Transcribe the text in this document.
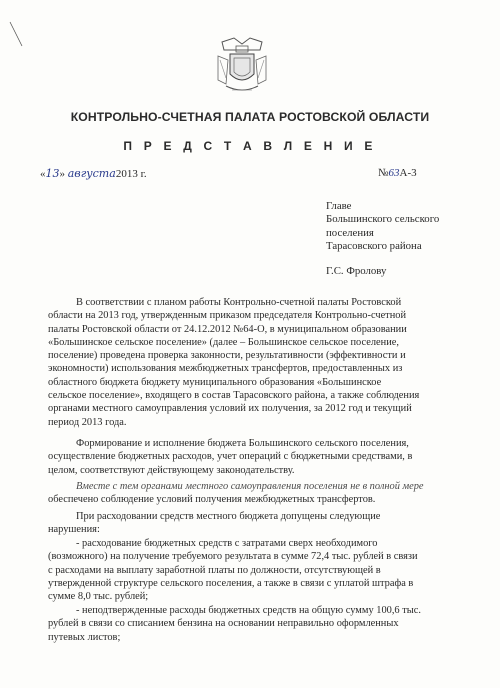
КОНТРОЛЬНО-СЧЕТНАЯ ПАЛАТА РОСТОВСКОЙ ОБЛАСТИ
П Р Е Д С Т А В Л Е Н И Е
«13» августа2013 г.	№63А-3
Главе
Большинского сельского
поселения
Тарасовского района
Г.С. Фролову

В соответствии с планом работы Контрольно-счетной палаты Ростовской

области на 2013 год, утвержденным приказом председателя Контрольно-счетной

палаты Ростовской области от 24.12.2012 №64-О, в муниципальном образовании

«Большинское сельское поселение» (далее – Большинское сельское поселение,

поселение) проведена проверка законности, результативности (эффективности и

экономности) использования межбюджетных трансфертов, предоставленных из

областного бюджета бюджету муниципального образования «Большинское

сельское поселение», входящего в состав Тарасовского района, а также соблюдения

органами местного самоуправления условий их получения, за 2012 год и текущий

период 2013 года.

Формирование и исполнение бюджета Большинского сельского поселения,

осуществление бюджетных расходов, учет операций с бюджетными средствами, в

целом, соответствуют действующему законодательству.

Вместе с тем органами местного самоуправления поселения не в полной мере

обеспечено соблюдение условий получения межбюджетных трансфертов.

При расходовании средств местного бюджета допущены следующие

нарушения:

- расходование бюджетных средств с затратами сверх необходимого

(возможного) на получение требуемого результата в сумме 72,4 тыс. рублей в связи

с расходами на выплату заработной платы по должности, отсутствующей в

утвержденной структуре сельского поселения, а также в связи с уплатой штрафа в

сумме 8,0 тыс. рублей;

- неподтвержденные расходы бюджетных средств на общую сумму 100,6 тыс.

рублей в связи со списанием бензина на основании неправильно оформленных

путевых листов;
